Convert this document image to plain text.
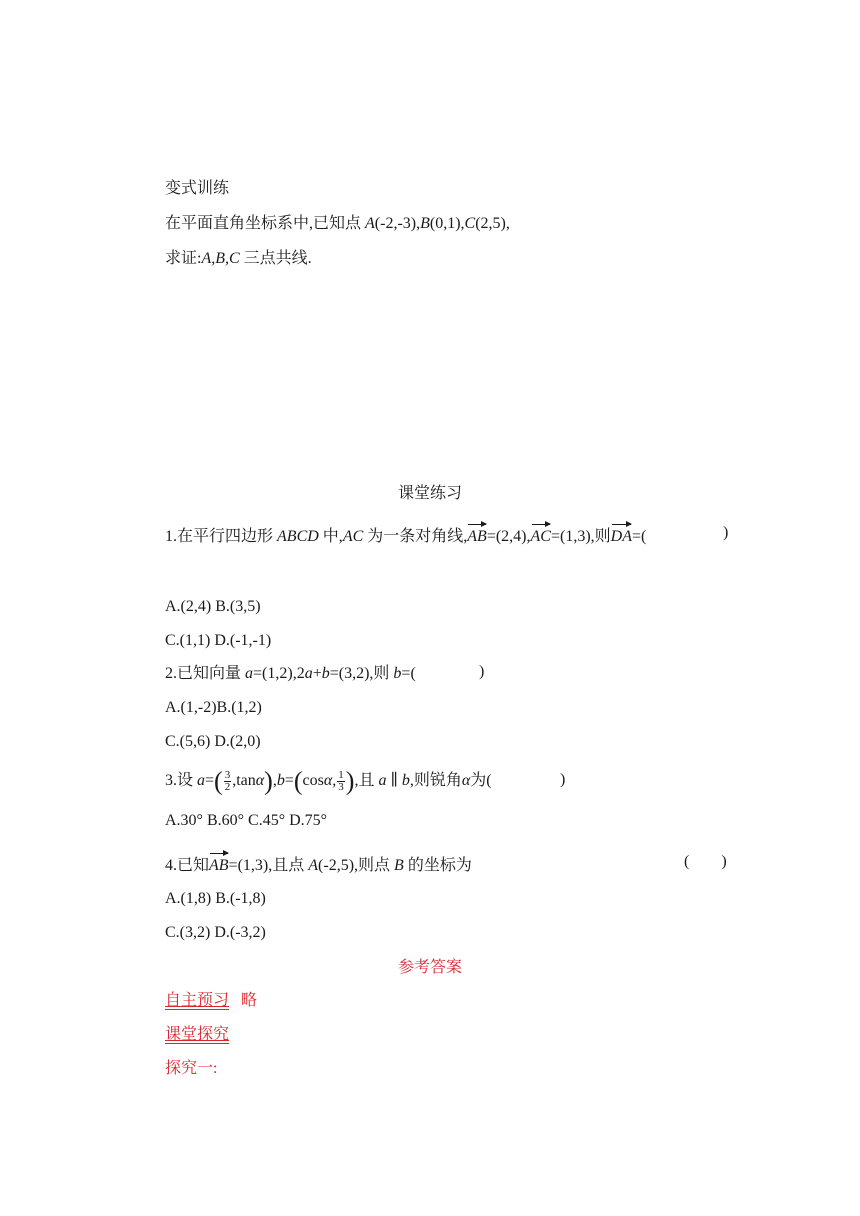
变式训练
在平面直角坐标系中,已知点 A(-2,-3),B(0,1),C(2,5),
求证:A,B,C 三点共线.
课堂练习
1.在平行四边形 ABCD 中,AC 为一条对角线,AB=(2,4),AC=(1,3),则DA=(	)
A.(2,4) B.(3,5)
C.(1,1) D.(-1,-1)
2.已知向量 a=(1,2),2a+b=(3,2),则 b=(	)
A.(1,-2)B.(1,2)
C.(5,6) D.(2,0)
3.设 $a=( \frac{3}{2} ,\tan\alpha),b=(\cos\alpha$, $\frac{1}{3}$ ),且 a ∥ b,则锐角α为(	)
A.30° B.60° C.45° D.75°
4.已知AB=(1,3),且点 A(-2,5),则点 B 的坐标为	(        )
A.(1,8) B.(-1,8)
C.(3,2) D.(-3,2)
参考答案
自主预习 略
课堂探究
探究一:
